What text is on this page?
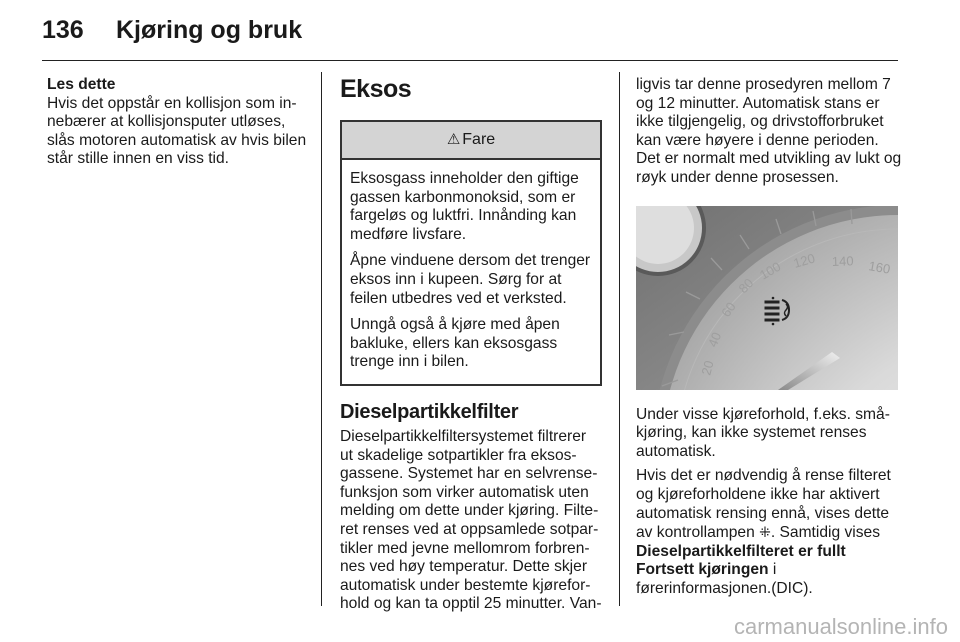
136	Kjøring og bruk
Les dette
Hvis det oppstår en kollisjon som innebærer at kollisjonsputer utløses, slås motoren automatisk av hvis bilen står stille innen en viss tid.
Eksos
⚠ Fare

Eksosgass inneholder den giftige gassen karbonmonoksid, som er fargeløs og luktfri. Innånding kan medføre livsfare.

Åpne vinduene dersom det trenger eksos inn i kupeen. Sørg for at feilen utbedres ved et verksted.

Unngå også å kjøre med åpen bakluke, ellers kan eksosgass trenge inn i bilen.

Dieselpartikkelfilter
Dieselpartikkelfiltersystemet filtrerer ut skadelige sotpartikler fra eksosgassene. Systemet har en selvrensefunksjon som virker automatisk uten melding om dette under kjøring. Filteret renses ved at oppsamlede sotpartikler med jevne mellomrom forbrennes ved høy temperatur. Dette skjer automatisk under bestemte kjøreforhold og kan ta opptil 25 minutter. Van-
ligvis tar denne prosedyren mellom 7 og 12 minutter. Automatisk stans er ikke tilgjengelig, og drivstofforbruket kan være høyere i denne perioden. Det er normalt med utvikling av lukt og røyk under denne prosessen.
20
40
60
80
100 120 140 160

Under visse kjøreforhold, f.eks. småkjøring, kan ikke systemet renses automatisk.

Hvis det er nødvendig å rense filteret og kjøreforholdene ikke har aktivert automatisk rensing ennå, vises dette av kontrollampen ⁜. Samtidig vises Dieselpartikkelfilteret er fullt Fortsett kjøringen i førerinformasjonen.(DIC).

carmanualsonline.info
